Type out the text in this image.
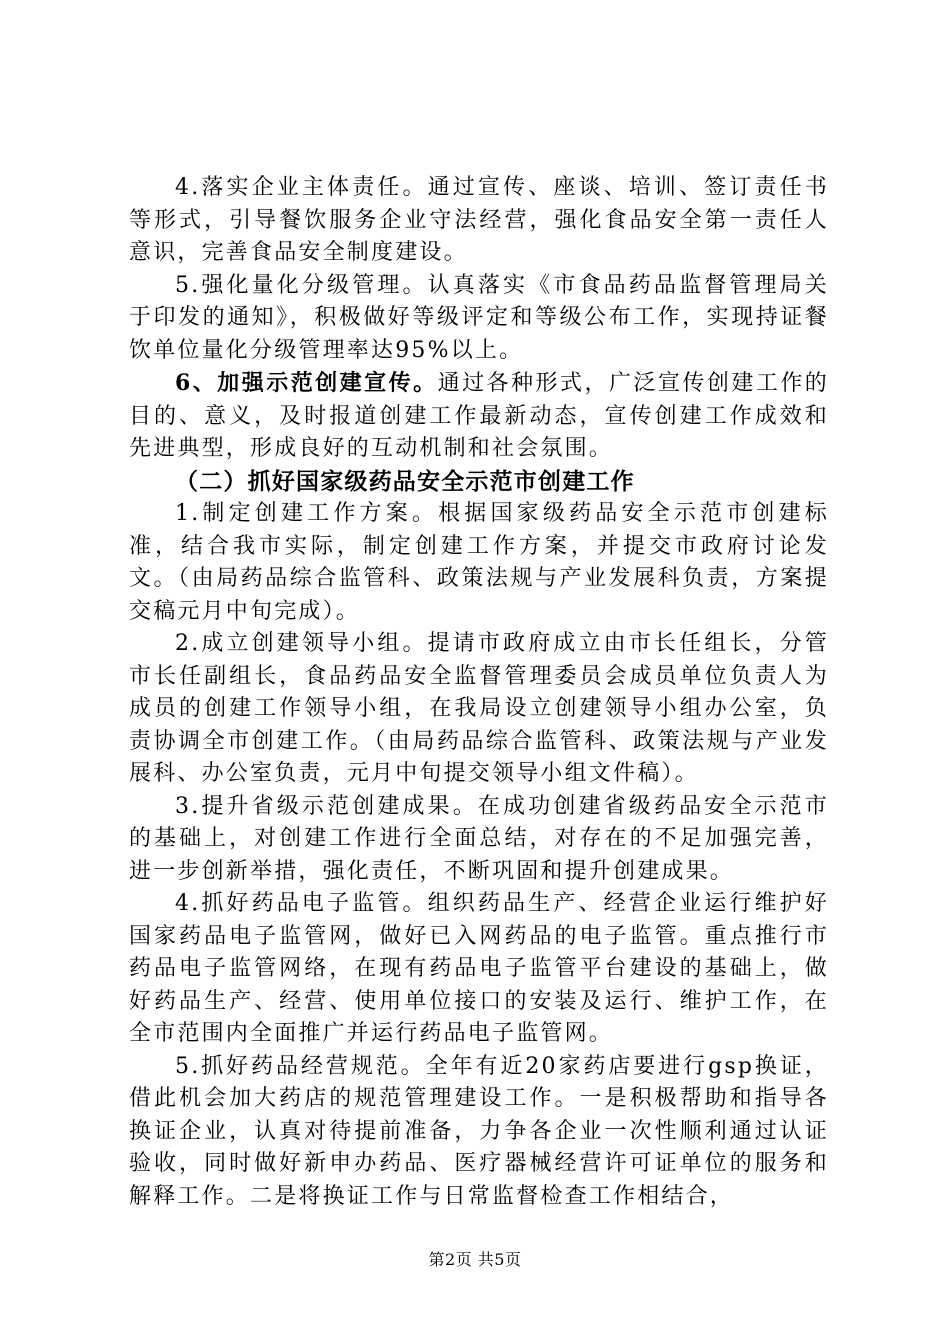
4.落实企业主体责任。通过宣传、座谈、培训、签订责任书等形式，引导餐饮服务企业守法经营，强化食品安全第一责任人意识，完善食品安全制度建设。

5.强化量化分级管理。认真落实《市食品药品监督管理局关于印发的通知》，积极做好等级评定和等级公布工作，实现持证餐饮单位量化分级管理率达95%以上。

6、加强示范创建宣传。通过各种形式，广泛宣传创建工作的目的、意义，及时报道创建工作最新动态，宣传创建工作成效和先进典型，形成良好的互动机制和社会氛围。

（二）抓好国家级药品安全示范市创建工作

1.制定创建工作方案。根据国家级药品安全示范市创建标准，结合我市实际，制定创建工作方案，并提交市政府讨论发文。（由局药品综合监管科、政策法规与产业发展科负责，方案提交稿元月中旬完成）。

2.成立创建领导小组。提请市政府成立由市长任组长，分管市长任副组长，食品药品安全监督管理委员会成员单位负责人为成员的创建工作领导小组，在我局设立创建领导小组办公室，负责协调全市创建工作。（由局药品综合监管科、政策法规与产业发展科、办公室负责，元月中旬提交领导小组文件稿）。

3.提升省级示范创建成果。在成功创建省级药品安全示范市的基础上，对创建工作进行全面总结，对存在的不足加强完善，进一步创新举措，强化责任，不断巩固和提升创建成果。

4.抓好药品电子监管。组织药品生产、经营企业运行维护好国家药品电子监管网，做好已入网药品的电子监管。重点推行市药品电子监管网络，在现有药品电子监管平台建设的基础上，做好药品生产、经营、使用单位接口的安装及运行、维护工作，在全市范围内全面推广并运行药品电子监管网。

5.抓好药品经营规范。全年有近20家药店要进行gsp换证，借此机会加大药店的规范管理建设工作。一是积极帮助和指导各换证企业，认真对待提前准备，力争各企业一次性顺利通过认证验收，同时做好新申办药品、医疗器械经营许可证单位的服务和解释工作。二是将换证工作与日常监督检查工作相结合，

第2页 共5页
